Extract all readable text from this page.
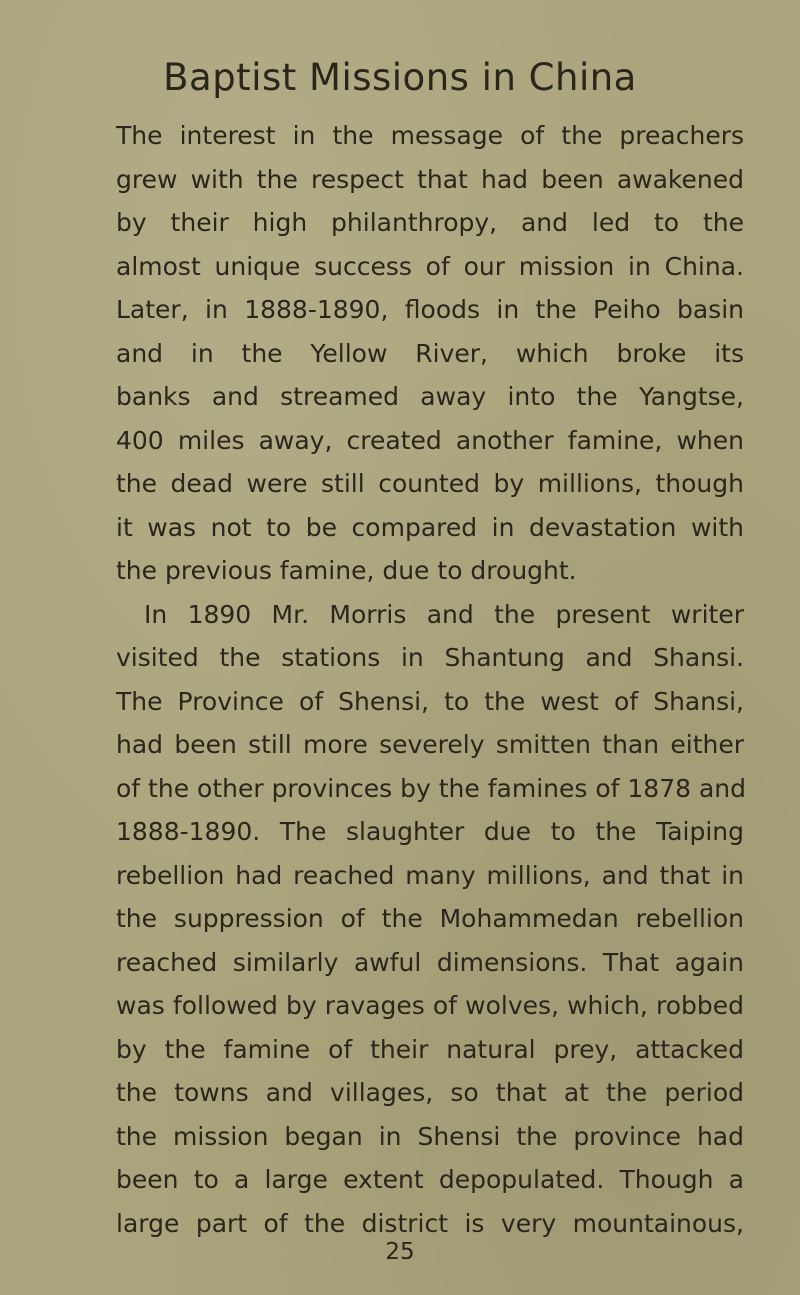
Baptist Missions in China
The interest in the message of the preachers
grew with the respect that had been awakened
by their high philanthropy, and led to the
almost unique success of our mission in China.
Later, in 1888-1890, floods in the Peiho basin
and in the Yellow River, which broke its
banks and streamed away into the Yangtse,
400 miles away, created another famine, when
the dead were still counted by millions, though
it was not to be compared in devastation with
the previous famine, due to drought.
In 1890 Mr. Morris and the present writer
visited the stations in Shantung and Shansi.
The Province of Shensi, to the west of Shansi,
had been still more severely smitten than either
of the other provinces by the famines of 1878 and
1888-1890. The slaughter due to the Taiping
rebellion had reached many millions, and that in
the suppression of the Mohammedan rebellion
reached similarly awful dimensions. That again
was followed by ravages of wolves, which, robbed
by the famine of their natural prey, attacked
the towns and villages, so that at the period
the mission began in Shensi the province had
been to a large extent depopulated. Though a
large part of the district is very mountainous,
25
